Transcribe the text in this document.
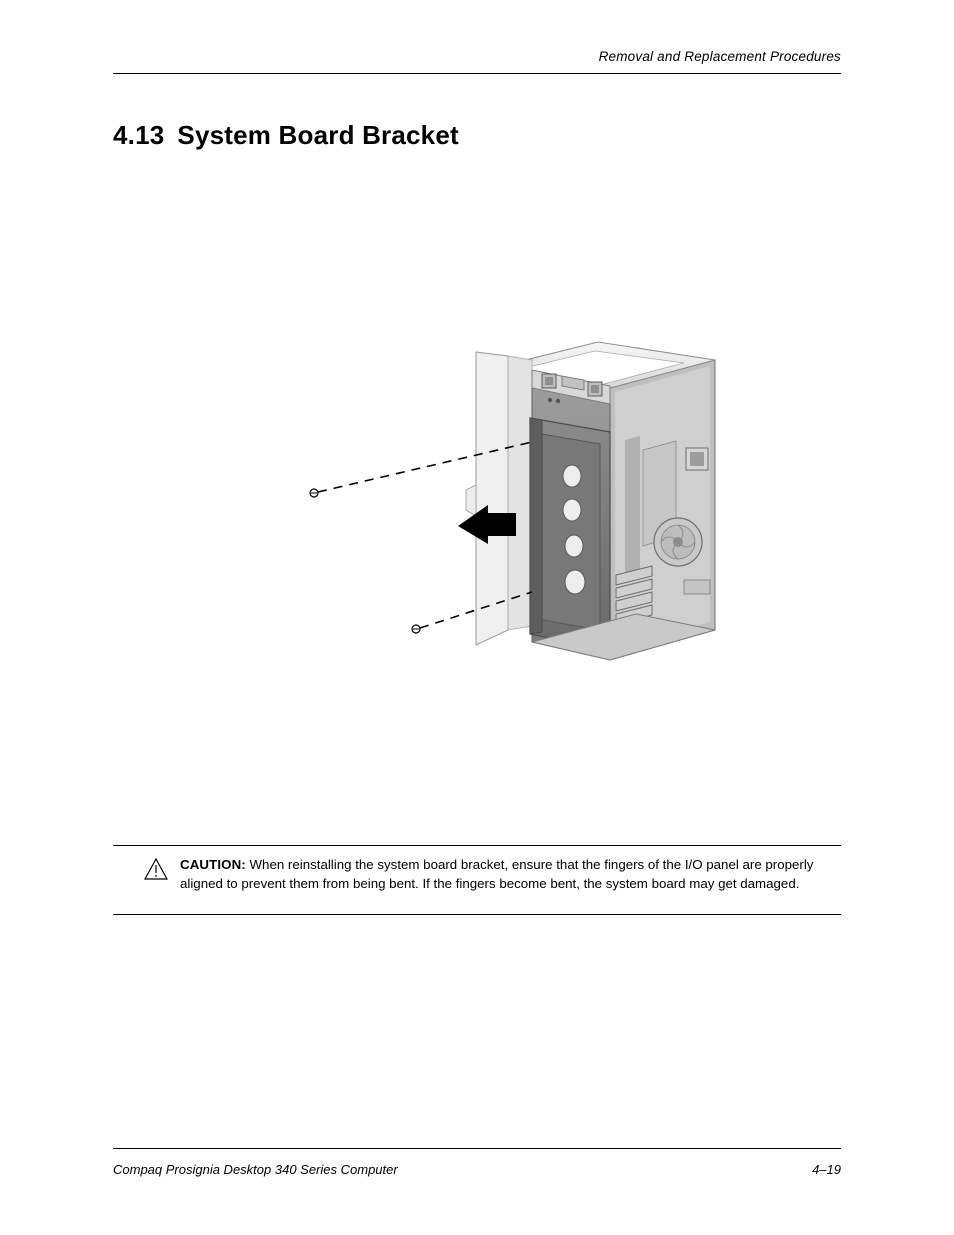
Removal and Replacement Procedures
4.13 System Board Bracket
CAUTION: When reinstalling the system board bracket, ensure that the fingers of the I/O panel are properly aligned to prevent them from being bent. If the fingers become bent, the system board may get damaged.
Compaq Prosignia Desktop 340 Series Computer	4–19
